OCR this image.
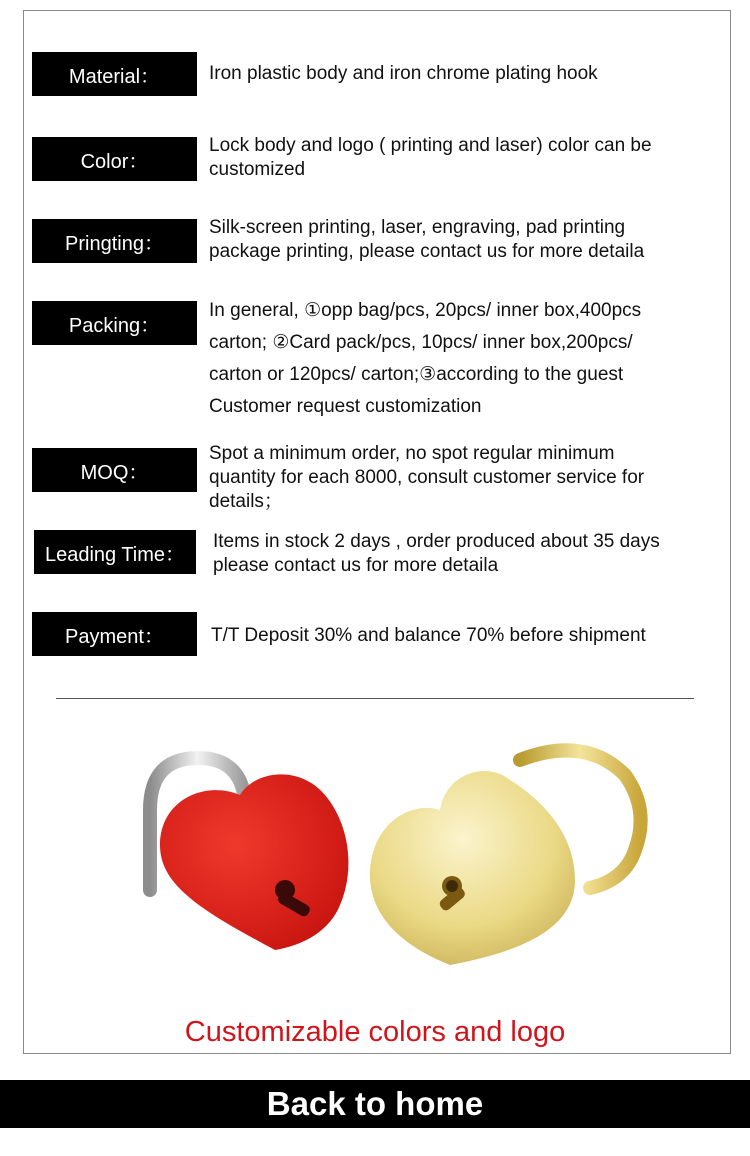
Material：	Iron plastic body and iron chrome plating hook
Color：
Lock body and logo ( printing and laser) color can be
customized
Pringting：
Silk-screen printing, laser, engraving, pad printing
package printing, please contact us for more detaila
Packing：
In general, ①opp bag/pcs, 20pcs/ inner box,400pcs
carton; ②Card pack/pcs, 10pcs/ inner box,200pcs/
carton or 120pcs/ carton;③according to the guest
Customer request customization
MOQ：
Spot a minimum order, no spot regular minimum
quantity for each 8000, consult customer service for
details；
Leading Time：
Items in stock 2 days , order produced about 35 days
please contact us for more detaila
Payment：	T/T Deposit 30% and balance 70% before shipment
Customizable colors and logo
Back to home
